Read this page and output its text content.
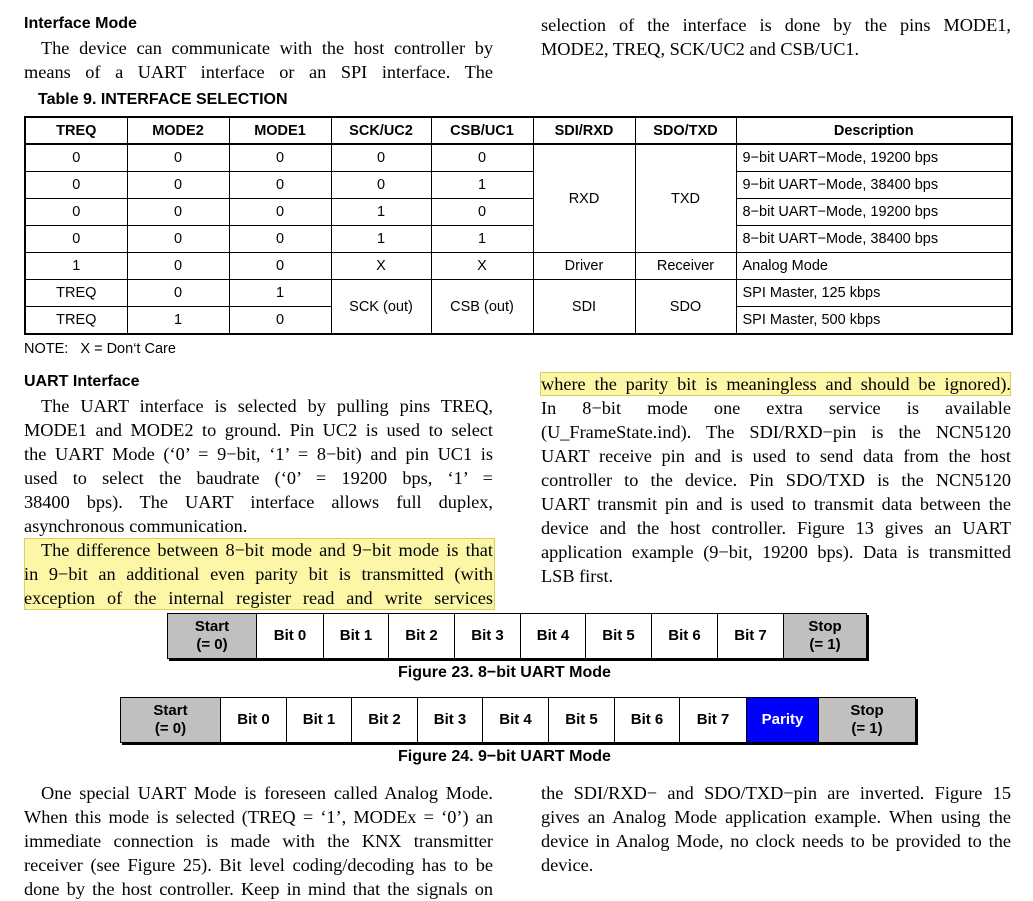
Interface Mode
The device can communicate with the host controller by
means of a UART interface or an SPI interface. The
selection of the interface is done by the pins MODE1,
MODE2, TREQ, SCK/UC2 and CSB/UC1.
Table 9. INTERFACE SELECTION
TREQ	MODE2	MODE1	SCK/UC2	CSB/UC1	SDI/RXD	SDO/TXD	Description
0	0	0	0	0	RXD	TXD	9−bit UART−Mode, 19200 bps
0	0	0	0	1			9−bit UART−Mode, 38400 bps
0	0	0	1	0			8−bit UART−Mode, 19200 bps
0	0	0	1	1			8−bit UART−Mode, 38400 bps
1	0	0	X	X	Driver	Receiver	Analog Mode
TREQ	0	1	SCK (out)	CSB (out)	SDI	SDO	SPI Master, 125 kbps
TREQ	1	0					SPI Master, 500 kbps
NOTE:   X = Don‘t Care
UART Interface
The UART interface is selected by pulling pins TREQ,
MODE1 and MODE2 to ground. Pin UC2 is used to select
the UART Mode (‘0’ = 9−bit, ‘1’ = 8−bit) and pin UC1 is
used to select the baudrate (‘0’ = 19200 bps, ‘1’ =
38400 bps). The UART interface allows full duplex,
asynchronous communication.
The difference between 8−bit mode and 9−bit mode is that
in 9−bit an additional even parity bit is transmitted (with
exception of the internal register read and write services
where the parity bit is meaningless and should be ignored).
In 8−bit mode one extra service is available
(U_FrameState.ind). The SDI/RXD−pin is the NCN5120
UART receive pin and is used to send data from the host
controller to the device. Pin SDO/TXD is the NCN5120
UART transmit pin and is used to transmit data between the
device and the host controller. Figure 13 gives an UART
application example (9−bit, 19200 bps). Data is transmitted
LSB first.
Start
(= 0)
Bit 0	Bit 1	Bit 2	Bit 3	Bit 4	Bit 5	Bit 6	Bit 7
Stop
(= 1)
Figure 23. 8−bit UART Mode
Start
(= 0)
Bit 0	Bit 1	Bit 2	Bit 3	Bit 4	Bit 5	Bit 6	Bit 7	Parity
Stop
(= 1)
Figure 24. 9−bit UART Mode
One special UART Mode is foreseen called Analog Mode.
When this mode is selected (TREQ = ‘1’, MODEx = ‘0’) an
immediate connection is made with the KNX transmitter
receiver (see Figure 25). Bit level coding/decoding has to be
done by the host controller. Keep in mind that the signals on
the SDI/RXD− and SDO/TXD−pin are inverted. Figure 15
gives an Analog Mode application example. When using the
device in Analog Mode, no clock needs to be provided to the
device.
